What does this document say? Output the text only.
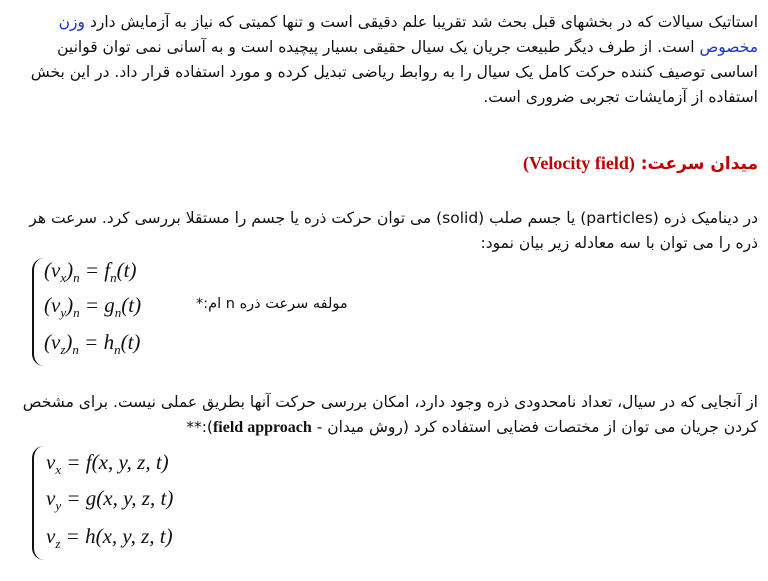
استاتیک سیالات که در بخشهای قبل بحث شد تقریبا علم دقیقی است و تنها کمیتی که نیاز به آزمایش دارد وزن مخصوص است. از طرف دیگر طبیعت جریان یک سیال حقیقی بسیار پیچیده است و به آسانی نمی توان قوانین اساسی توصیف کننده حرکت کامل یک سیال را به روابط ریاضی تبدیل کرده و مورد استفاده قرار داد. در این بخش استفاده از آزمایشات تجربی ضروری است.
میدان سرعت: (Velocity field)
در دینامیک ذره (particles) یا جسم صلب (solid) می توان حرکت ذره یا جسم را مستقلا بررسی کرد. سرعت هر ذره را می توان با سه معادله زیر بیان نمود:
$(v_x)_n = f_n(t)$
$(v_y)_n = g_n(t)$
$(v_z)_n = h_n(t)$
مولفه سرعت ذره n ام:*
از آنجایی که در سیال، تعداد نامحدودی ذره وجود دارد، امکان بررسی حرکت آنها بطریق عملی نیست. برای مشخص کردن جریان می توان از مختصات فضایی استفاده کرد (روش میدان - field approach):**
$v_x = f(x$, y, z, t)
$v_y = g(x$, y, z, t)
$v_z = h(x$, y, z, t)
